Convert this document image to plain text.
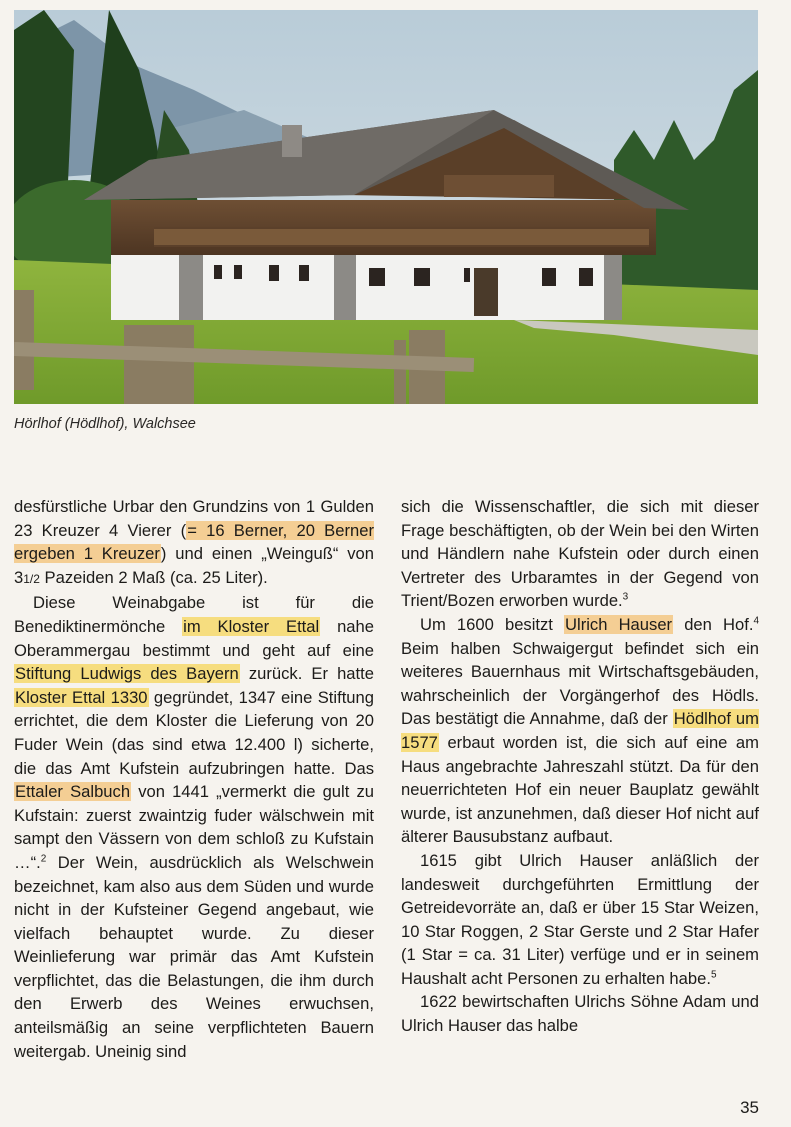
Hörlhof (Hödlhof), Walchsee

desfürstliche Urbar den Grundzins von 1 Gulden 23 Kreuzer 4 Vierer (= 16 Berner, 20 Berner ergeben 1 Kreuzer) und einen „Weinguß“ von 31/2 Pazeiden 2 Maß (ca. 25 Liter).

Diese Weinabgabe ist für die Benediktinermönche im Kloster Ettal nahe Oberammergau bestimmt und geht auf eine Stiftung Ludwigs des Bayern zurück. Er hatte Kloster Ettal 1330 gegründet, 1347 eine Stiftung errichtet, die dem Kloster die Lieferung von 20 Fuder Wein (das sind etwa 12.400 l) sicherte, die das Amt Kufstein aufzubringen hatte. Das Ettaler Salbuch von 1441 „vermerkt die gult zu Kufstain: zuerst zwaintzig fuder wälschwein mit sampt den Vässern von dem schloß zu Kufstain …“.$^2$ Der Wein, ausdrücklich als Welschwein bezeichnet, kam also aus dem Süden und wurde nicht in der Kufsteiner Gegend angebaut, wie vielfach behauptet wurde. Zu dieser Weinlieferung war primär das Amt Kufstein verpflichtet, das die Belastungen, die ihm durch den Erwerb des Weines erwuchsen, anteilsmäßig an seine verpflichteten Bauern weitergab. Uneinig sind

sich die Wissenschaftler, die sich mit dieser Frage beschäftigten, ob der Wein bei den Wirten und Händlern nahe Kufstein oder durch einen Vertreter des Urbaramtes in der Gegend von Trient/Bozen erworben wurde.$^3$

Um 1600 besitzt Ulrich Hauser den Hof.$^4$ Beim halben Schwaigergut befindet sich ein weiteres Bauernhaus mit Wirtschaftsgebäuden, wahrscheinlich der Vorgängerhof des Hödls. Das bestätigt die Annahme, daß der Hödlhof um 1577 erbaut worden ist, die sich auf eine am Haus angebrachte Jahreszahl stützt. Da für den neuerrichteten Hof ein neuer Bauplatz gewählt wurde, ist anzunehmen, daß dieser Hof nicht auf älterer Bausubstanz aufbaut.

1615 gibt Ulrich Hauser anläßlich der landesweit durchgeführten Ermittlung der Getreidevorräte an, daß er über 15 Star Weizen, 10 Star Roggen, 2 Star Gerste und 2 Star Hafer (1 Star = ca. 31 Liter) verfüge und er in seinem Haushalt acht Personen zu erhalten habe.$^5$

1622 bewirtschaften Ulrichs Söhne Adam und Ulrich Hauser das halbe

35
